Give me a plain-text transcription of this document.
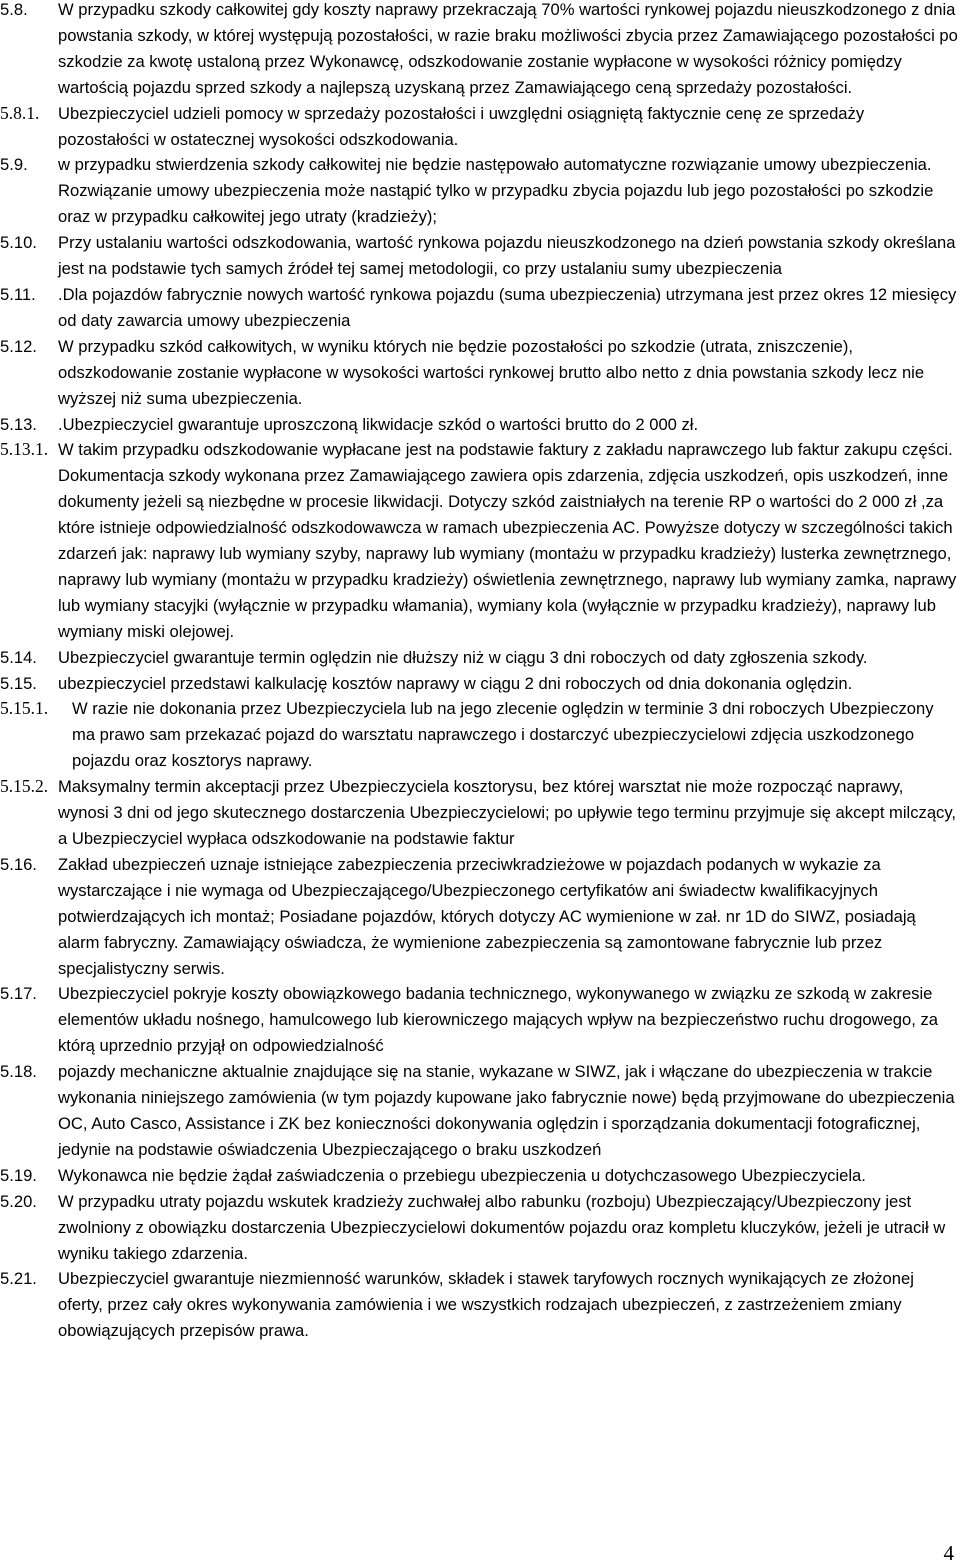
5.8. W przypadku szkody całkowitej gdy koszty naprawy przekraczają 70% wartości rynkowej pojazdu nieuszkodzonego z dnia powstania szkody, w której występują pozostałości, w razie braku możliwości zbycia przez Zamawiającego pozostałości po szkodzie za kwotę ustaloną przez Wykonawcę, odszkodowanie zostanie wypłacone w wysokości różnicy pomiędzy wartością pojazdu sprzed szkody a najlepszą uzyskaną przez Zamawiającego ceną sprzedaży pozostałości.
5.8.1. Ubezpieczyciel udzieli pomocy w sprzedaży pozostałości i uwzględni osiągniętą faktycznie cenę ze sprzedaży pozostałości w ostatecznej wysokości odszkodowania.
5.9. w przypadku stwierdzenia szkody całkowitej nie będzie następowało automatyczne rozwiązanie umowy ubezpieczenia. Rozwiązanie umowy ubezpieczenia może nastąpić tylko w przypadku zbycia pojazdu lub jego pozostałości po szkodzie oraz w przypadku całkowitej jego utraty (kradzieży);
5.10. Przy ustalaniu wartości odszkodowania, wartość rynkowa pojazdu nieuszkodzonego na dzień powstania szkody określana jest na podstawie tych samych źródeł tej samej metodologii, co przy ustalaniu sumy ubezpieczenia
5.11. .Dla pojazdów fabrycznie nowych wartość rynkowa pojazdu (suma ubezpieczenia) utrzymana jest przez okres 12 miesięcy od daty zawarcia umowy ubezpieczenia
5.12. W przypadku szkód całkowitych, w wyniku których nie będzie pozostałości po szkodzie (utrata, zniszczenie), odszkodowanie zostanie wypłacone w wysokości wartości rynkowej brutto albo netto z dnia powstania szkody lecz nie wyższej niż suma ubezpieczenia.
5.13. .Ubezpieczyciel gwarantuje uproszczoną likwidacje szkód o wartości brutto do 2 000 zł.
5.13.1. W takim przypadku odszkodowanie wypłacane jest na podstawie faktury z zakładu naprawczego lub faktur zakupu części. Dokumentacja szkody wykonana przez Zamawiającego zawiera opis zdarzenia, zdjęcia uszkodzeń, opis uszkodzeń, inne dokumenty jeżeli są niezbędne w procesie likwidacji. Dotyczy szkód zaistniałych na terenie RP o wartości do 2 000 zł ,za które istnieje odpowiedzialność odszkodowawcza w ramach ubezpieczenia AC. Powyższe dotyczy w szczególności takich zdarzeń jak: naprawy lub wymiany szyby, naprawy lub wymiany (montażu w przypadku kradzieży) lusterka zewnętrznego, naprawy lub wymiany (montażu w przypadku kradzieży) oświetlenia zewnętrznego, naprawy lub wymiany zamka, naprawy lub wymiany stacyjki (wyłącznie w przypadku włamania), wymiany kola (wyłącznie w przypadku kradzieży), naprawy lub wymiany miski olejowej.
5.14. Ubezpieczyciel gwarantuje termin oględzin nie dłuższy niż w ciągu 3 dni roboczych od daty zgłoszenia szkody.
5.15. ubezpieczyciel przedstawi kalkulację kosztów naprawy w ciągu 2 dni roboczych od dnia dokonania oględzin.
5.15.1. W razie nie dokonania przez Ubezpieczyciela lub na jego zlecenie oględzin w terminie 3 dni roboczych Ubezpieczony ma prawo sam przekazać pojazd do warsztatu naprawczego i dostarczyć ubezpieczycielowi zdjęcia uszkodzonego pojazdu oraz kosztorys naprawy.
5.15.2. Maksymalny termin akceptacji przez Ubezpieczyciela kosztorysu, bez której warsztat nie może rozpocząć naprawy, wynosi 3 dni od jego skutecznego dostarczenia Ubezpieczycielowi; po upływie tego terminu przyjmuje się akcept milczący, a Ubezpieczyciel wypłaca odszkodowanie na podstawie faktur
5.16. Zakład ubezpieczeń uznaje istniejące zabezpieczenia przeciwkradzieżowe w pojazdach podanych w wykazie za wystarczające i nie wymaga od Ubezpieczającego/Ubezpieczonego certyfikatów ani świadectw kwalifikacyjnych potwierdzających ich montaż; Posiadane pojazdów, których dotyczy AC wymienione w zał. nr 1D do SIWZ, posiadają alarm fabryczny. Zamawiający oświadcza, że wymienione zabezpieczenia są zamontowane fabrycznie lub przez specjalistyczny serwis.
5.17. Ubezpieczyciel pokryje koszty obowiązkowego badania technicznego, wykonywanego w związku ze szkodą w zakresie elementów układu nośnego, hamulcowego lub kierowniczego mających wpływ na bezpieczeństwo ruchu drogowego, za którą uprzednio przyjął on odpowiedzialność
5.18. pojazdy mechaniczne aktualnie znajdujące się na stanie, wykazane w SIWZ, jak i włączane do ubezpieczenia w trakcie wykonania niniejszego zamówienia (w tym pojazdy kupowane jako fabrycznie nowe) będą przyjmowane do ubezpieczenia OC, Auto Casco, Assistance i ZK bez konieczności dokonywania oględzin i sporządzania dokumentacji fotograficznej, jedynie na podstawie oświadczenia Ubezpieczającego o braku uszkodzeń
5.19. Wykonawca nie będzie żądał zaświadczenia o przebiegu ubezpieczenia u dotychczasowego Ubezpieczyciela.
5.20. W przypadku utraty pojazdu wskutek kradzieży zuchwałej albo rabunku (rozboju) Ubezpieczający/Ubezpieczony jest zwolniony z obowiązku dostarczenia Ubezpieczycielowi dokumentów pojazdu oraz kompletu kluczyków, jeżeli je utracił w wyniku takiego zdarzenia.
5.21. Ubezpieczyciel gwarantuje niezmienność warunków, składek i stawek taryfowych rocznych wynikających ze złożonej oferty, przez cały okres wykonywania zamówienia i we wszystkich rodzajach ubezpieczeń, z zastrzeżeniem zmiany obowiązujących przepisów prawa.
4
